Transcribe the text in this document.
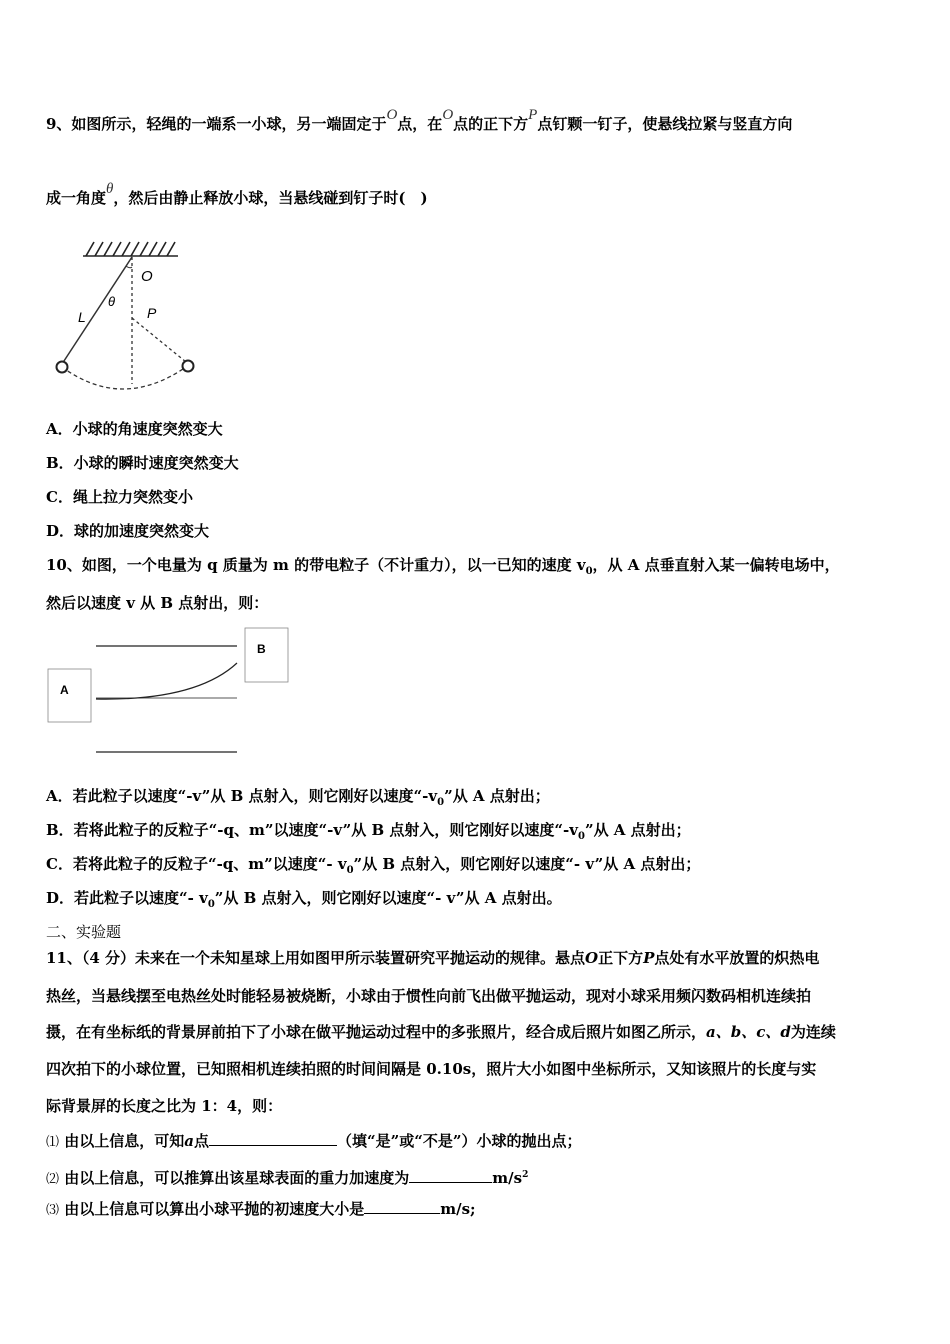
9、如图所示，轻绳的一端系一小球，另一端固定于O点，在O点的正下方P点钉颗一钉子，使悬线拉紧与竖直方向
成一角度θ，然后由静止释放小球，当悬线碰到钉子时(　)
O
θ
L	P
A．小球的角速度突然变大
B．小球的瞬时速度突然变大
C．绳上拉力突然变小
D．球的加速度突然变大
10、如图，一个电量为 q 质量为 m 的带电粒子（不计重力），以一已知的速度 $v_0$，从 A 点垂直射入某一偏转电场中，
然后以速度 v 从 B 点射出，则：
A
B
A．若此粒子以速度“-v”从 B 点射入，则它刚好以速度“$-v_0$”从 A 点射出；
B．若将此粒子的反粒子“-q、m”以速度“-v”从 B 点射入，则它刚好以速度“$-v_0$”从 A 点射出；
C．若将此粒子的反粒子“-q、m”以速度“- $v_0$”从 B 点射入，则它刚好以速度“- v”从 A 点射出；
D．若此粒子以速度“- $v_0$”从 B 点射入，则它刚好以速度“- v”从 A 点射出。
二、实验题
11、（4 分）未来在一个未知星球上用如图甲所示装置研究平抛运动的规律。悬点O正下方P点处有水平放置的炽热电
热丝，当悬线摆至电热丝处时能轻易被烧断，小球由于惯性向前飞出做平抛运动，现对小球采用频闪数码相机连续拍
摄，在有坐标纸的背景屏前拍下了小球在做平抛运动过程中的多张照片，经合成后照片如图乙所示，a、b、c、d为连续
四次拍下的小球位置，已知照相机连续拍照的时间间隔是 0.10s，照片大小如图中坐标所示，又知该照片的长度与实
际背景屏的长度之比为 1：4，则：
⑴ 由以上信息，可知a点	（填“是”或“不是”）小球的抛出点；
⑵ 由以上信息，可以推算出该星球表面的重力加速度为	$m/s^2$
⑶ 由以上信息可以算出小球平抛的初速度大小是	m/s;
